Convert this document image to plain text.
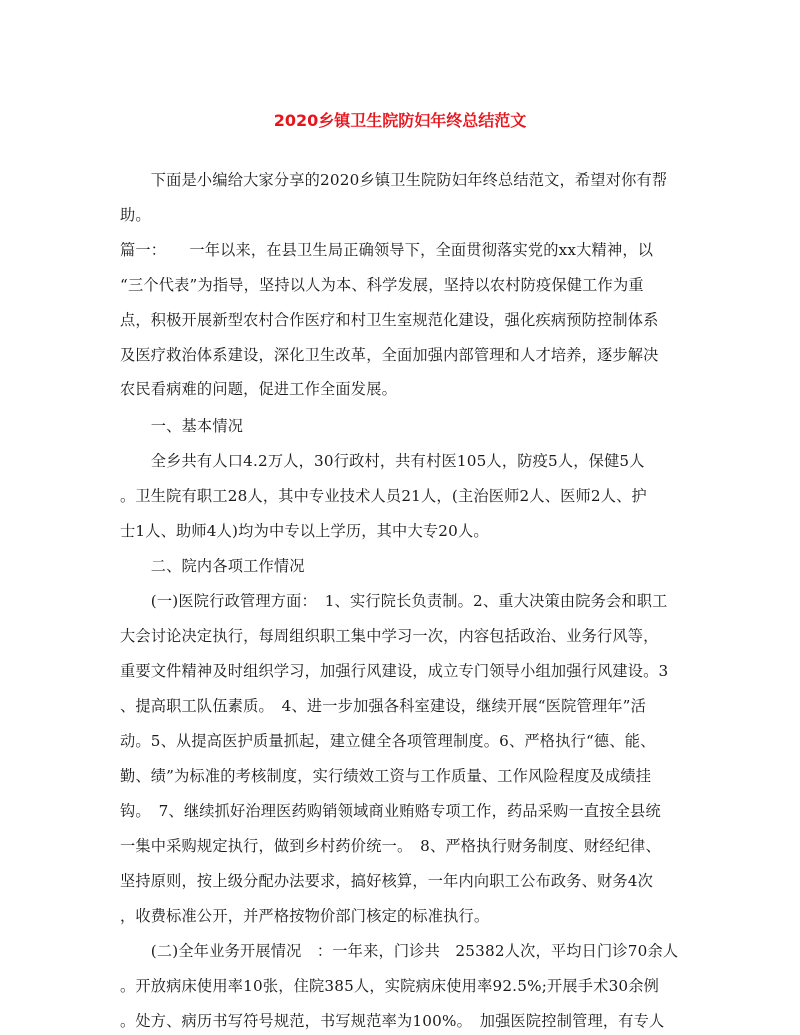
2020乡镇卫生院防妇年终总结范文
　　下面是小编给大家分享的2020乡镇卫生院防妇年终总结范文，希望对你有帮
助。
篇一：　　一年以来，在县卫生局正确领导下，全面贯彻落实党的xx大精神，以
“三个代表”为指导，坚持以人为本、科学发展，坚持以农村防疫保健工作为重
点，积极开展新型农村合作医疗和村卫生室规范化建设，强化疾病预防控制体系
及医疗救治体系建设，深化卫生改革，全面加强内部管理和人才培养，逐步解决
农民看病难的问题，促进工作全面发展。
　　一、基本情况
　　全乡共有人口4.2万人，30行政村，共有村医105人，防疫5人，保健5人
。卫生院有职工28人，其中专业技术人员21人，(主治医师2人、医师2人、护
士1人、助师4人)均为中专以上学历，其中大专20人。
　　二、院内各项工作情况
　　(一)医院行政管理方面：　1、实行院长负责制。2、重大决策由院务会和职工
大会讨论决定执行，每周组织职工集中学习一次，内容包括政治、业务行风等，
重要文件精神及时组织学习，加强行风建设，成立专门领导小组加强行风建设。3
、提高职工队伍素质。　4、进一步加强各科室建设，继续开展“医院管理年”活
动。5、从提高医护质量抓起，建立健全各项管理制度。6、严格执行“德、能、
勤、绩”为标准的考核制度，实行绩效工资与工作质量、工作风险程度及成绩挂
钩。　7、继续抓好治理医药购销领域商业贿赂专项工作，药品采购一直按全县统
一集中采购规定执行，做到乡村药价统一。　8、严格执行财务制度、财经纪律、
坚持原则，按上级分配办法要求，搞好核算，一年内向职工公布政务、财务4次
，收费标准公开，并严格按物价部门核定的标准执行。
　　(二)全年业务开展情况　：一年来，门诊共　25382人次，平均日门诊70余人
。开放病床使用率10张，住院385人，实院病床使用率92.5%;开展手术30余例
。处方、病历书写符号规范，书写规范率为100%。　加强医院控制管理，有专人
